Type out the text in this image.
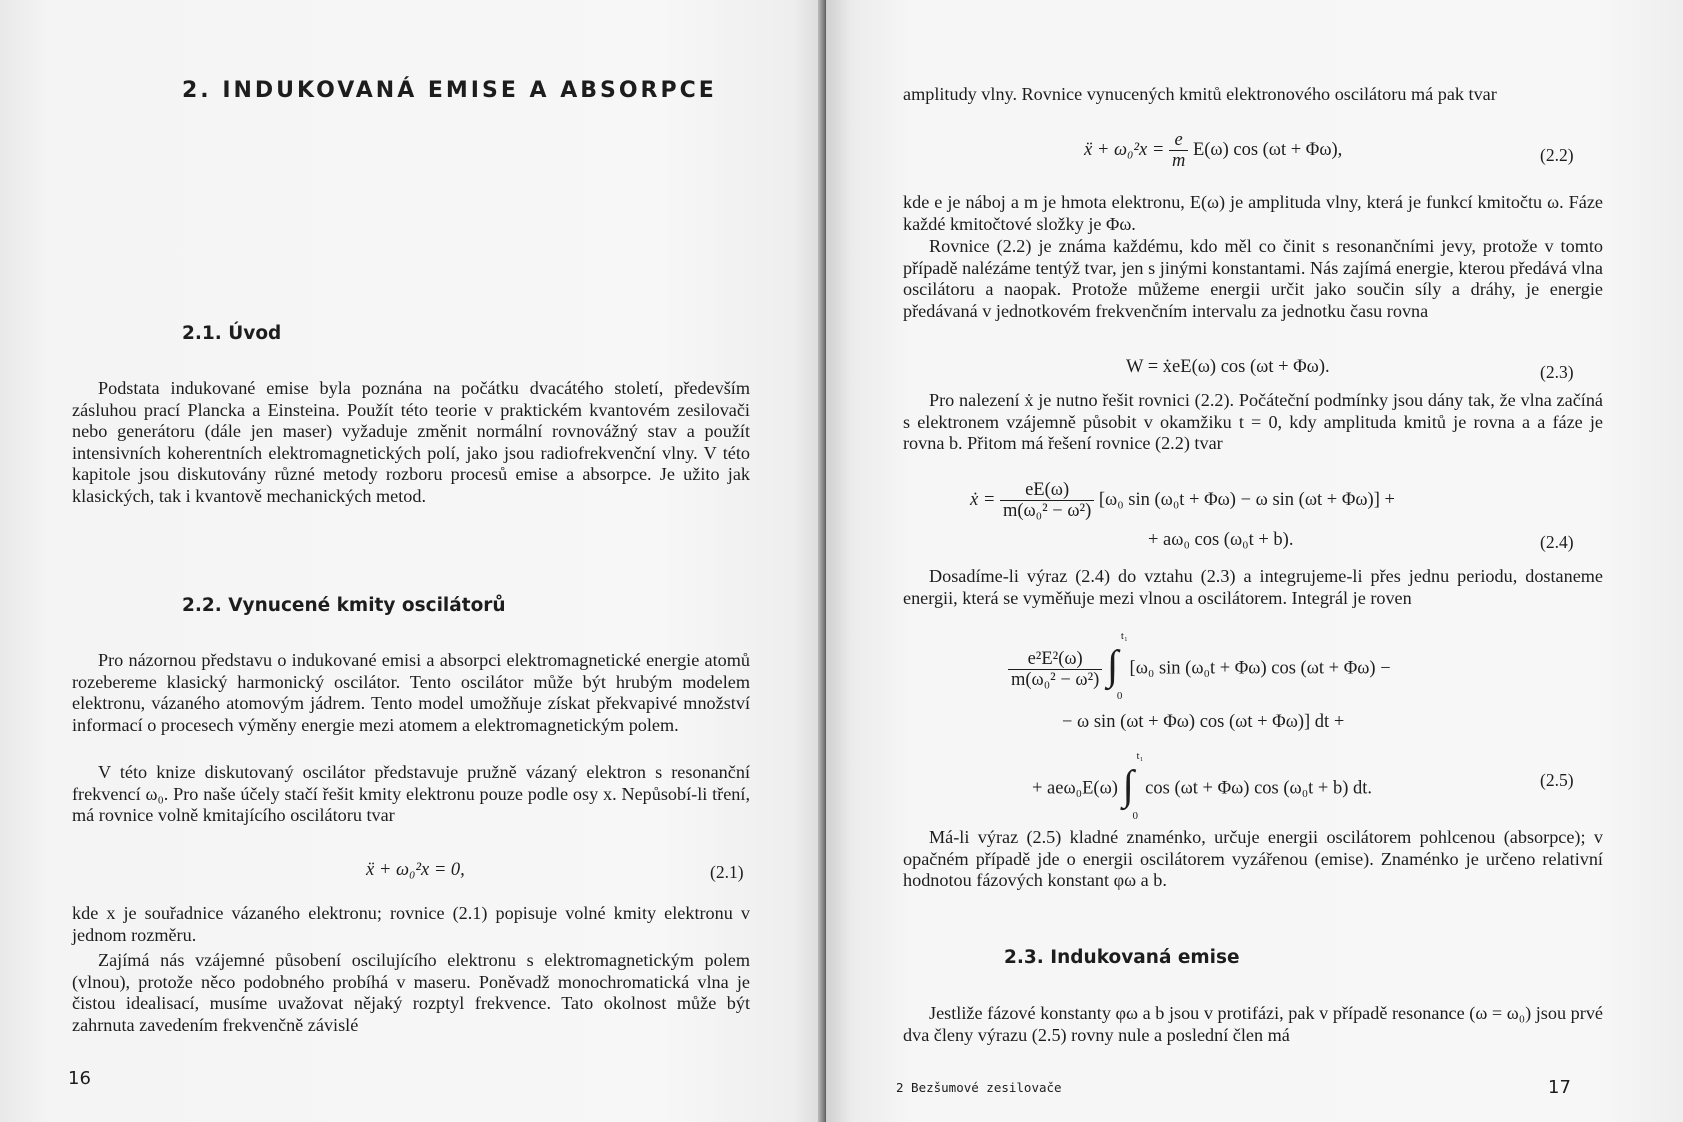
2. INDUKOVANÁ EMISE A ABSORPCE
2.1. Úvod
Podstata indukované emise byla poznána na počátku dvacátého století, především zásluhou prací Plancka a Einsteina. Použít této teorie v praktickém kvantovém zesilovači nebo generátoru (dále jen maser) vyžaduje změnit normální rovnovážný stav a použít intensivních koherentních elektromagnetických polí, jako jsou radiofrekvenční vlny. V této kapitole jsou diskutovány různé metody rozboru procesů emise a absorpce. Je užito jak klasických, tak i kvantově mechanických metod.
2.2. Vynucené kmity oscilátorů
Pro názornou představu o indukované emisi a absorpci elektromagnetické energie atomů rozebereme klasický harmonický oscilátor. Tento oscilátor může být hrubým modelem elektronu, vázaného atomovým jádrem. Tento model umožňuje získat překvapivé množství informací o procesech výměny energie mezi atomem a elektromagnetickým polem.
V této knize diskutovaný oscilátor představuje pružně vázaný elektron s resonanční frekvencí ω₀. Pro naše účely stačí řešit kmity elektronu pouze podle osy x. Nepůsobí-li tření, má rovnice volně kmitajícího oscilátoru tvar
ẍ + ω₀²x = 0,	(2.1)
kde x je souřadnice vázaného elektronu; rovnice (2.1) popisuje volné kmity elektronu v jednom rozměru.
Zajímá nás vzájemné působení oscilujícího elektronu s elektromagnetickým polem (vlnou), protože něco podobného probíhá v maseru. Poněvadž monochromatická vlna je čistou idealisací, musíme uvažovat nějaký rozptyl frekvence. Tato okolnost může být zahrnuta zavedením frekvenčně závislé
16
amplitudy vlny. Rovnice vynucených kmitů elektronového oscilátoru má pak tvar
ẍ + $\omega_0^2x = \frac{e}{m} E(\omega)$ cos (ωt + Φω),	(2.2)
kde e je náboj a m je hmota elektronu, E(ω) je amplituda vlny, která je funkcí kmitočtu ω. Fáze každé kmitočtové složky je Φω.
Rovnice (2.2) je známa každému, kdo měl co činit s resonančními jevy, protože v tomto případě nalézáme tentýž tvar, jen s jinými konstantami. Nás zajímá energie, kterou předává vlna oscilátoru a naopak. Protože můžeme energii určit jako součin síly a dráhy, je energie předávaná v jednotkovém frekvenčním intervalu za jednotku času rovna
W = ẋeE(ω) cos (ωt + Φω).	(2.3)
Pro nalezení ẋ je nutno řešit rovnici (2.2). Počáteční podmínky jsou dány tak, že vlna začíná s elektronem vzájemně působit v okamžiku t = 0, kdy amplituda kmitů je rovna a a fáze je rovna b. Přitom má řešení rovnice (2.2) tvar
ẋ = $\frac{eE(\omega)}{\text{m(ω₀² − ω²)}} [\omega_0$ sin (ω₀t + Φω) − ω sin (ωt + Φω)] +
+ aω₀ cos (ω₀t + b).	(2.4)
Dosadíme-li výraz (2.4) do vztahu (2.3) a integrujeme-li přes jednu periodu, dostaneme energii, která se vyměňuje mezi vlnou a oscilátorem. Integrál je roven
$\frac{\text{e²E²(ω)}}{\text{m(ω₀² − ω²)}}$
∫
t₁
0
[ω₀ sin (ω₀t + Φω) cos (ωt + Φω) −
− ω sin (ωt + Φω) cos (ωt + Φω)] dt +
+ aeω₀E(ω) ∫
t₁
0
cos (ωt + Φω) cos (ω₀t + b) dt.	(2.5)
Má-li výraz (2.5) kladné znaménko, určuje energii oscilátorem pohlcenou (absorpce); v opačném případě jde o energii oscilátorem vyzářenou (emise). Znaménko je určeno relativní hodnotou fázových konstant φω a b.
2.3. Indukovaná emise
Jestliže fázové konstanty φω a b jsou v protifázi, pak v případě resonance (ω = ω₀) jsou prvé dva členy výrazu (2.5) rovny nule a poslední člen má
2 Bezšumové zesilovače	17
